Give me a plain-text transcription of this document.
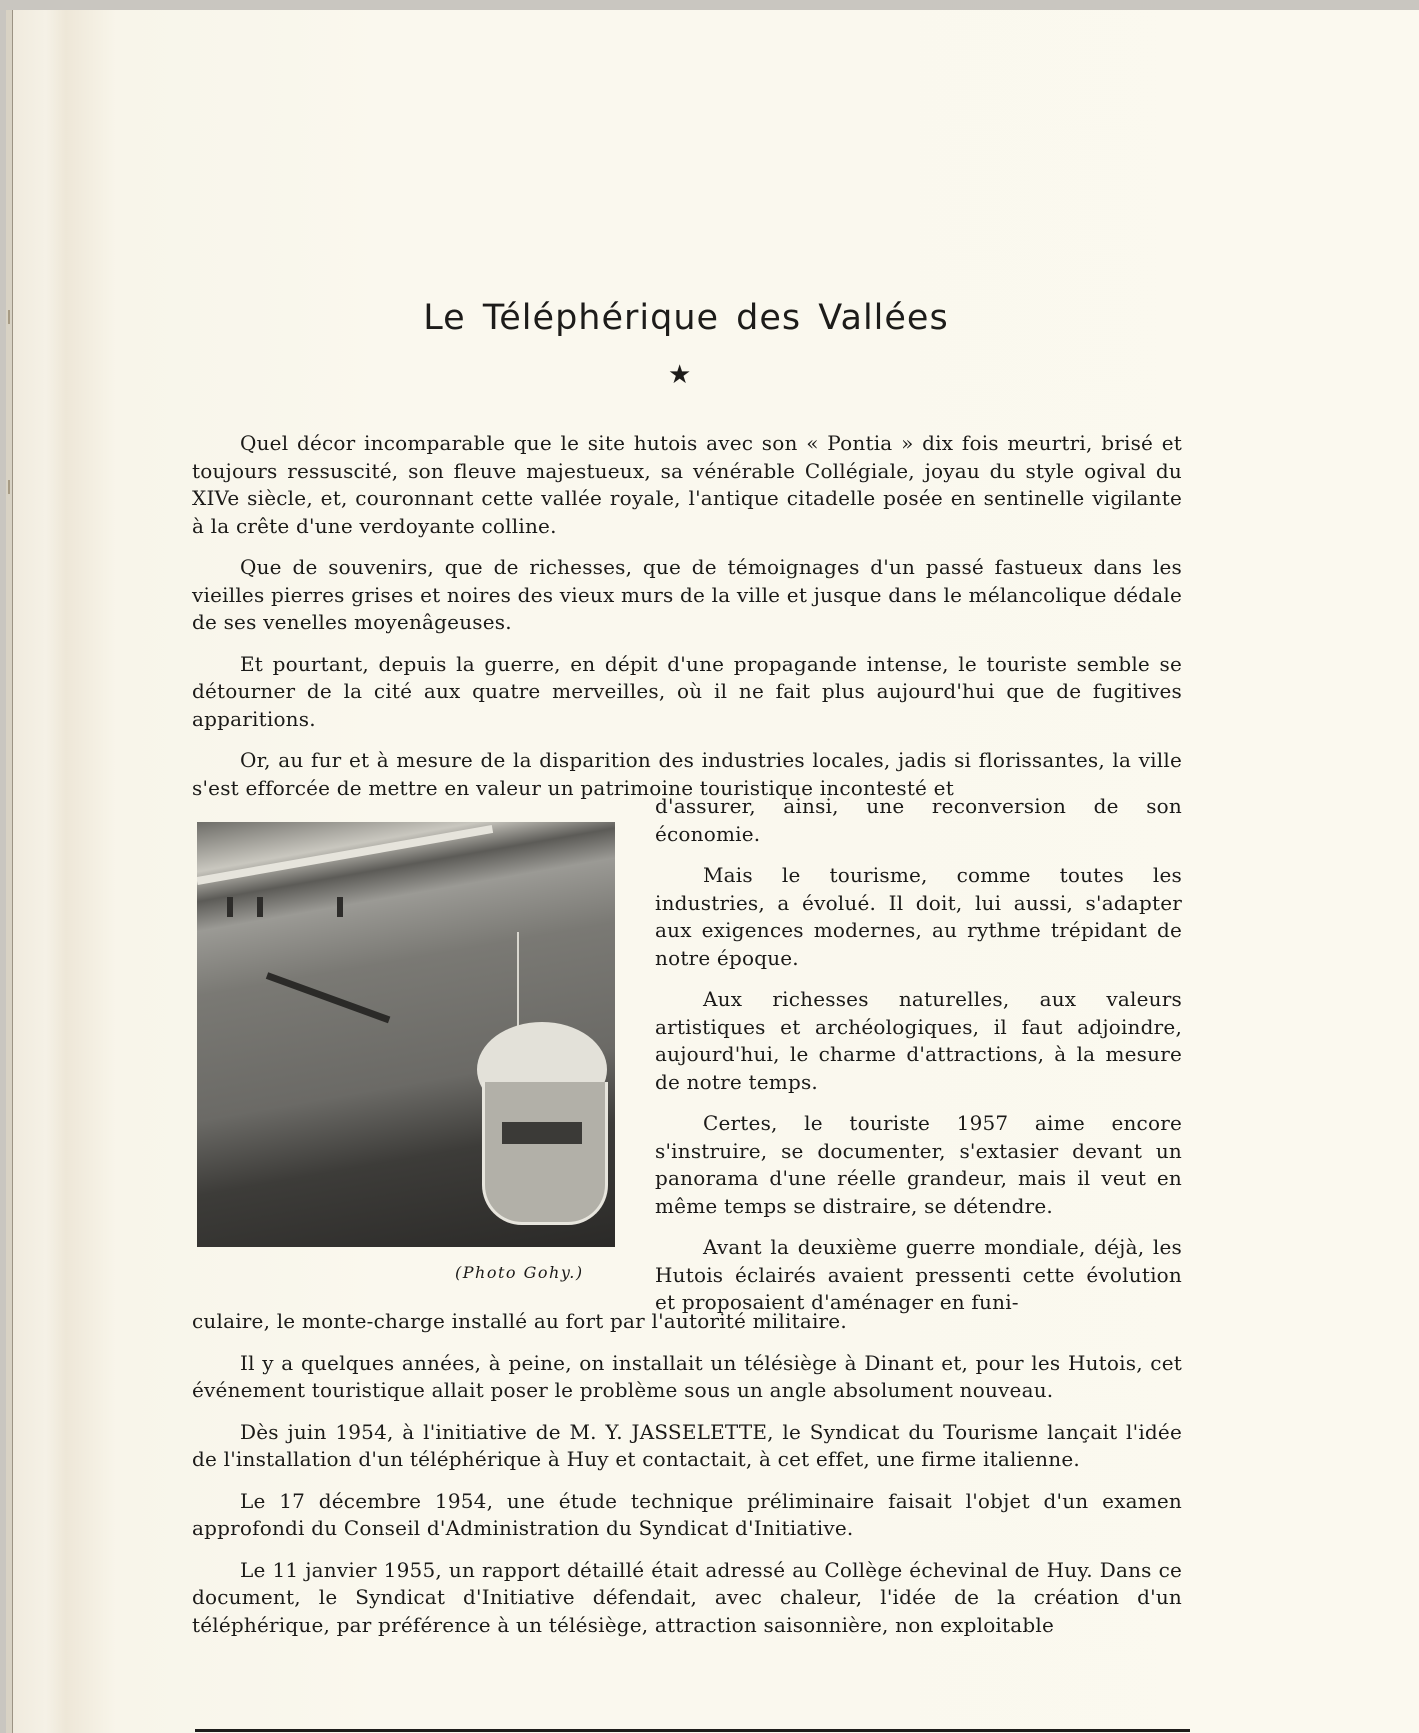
Le Téléphérique des Vallées
★

Quel décor incomparable que le site hutois avec son « Pontia » dix fois meurtri, brisé et toujours ressuscité, son fleuve majestueux, sa vénérable Collégiale, joyau du style ogival du XIVe siècle, et, couronnant cette vallée royale, l'antique citadelle posée en sentinelle vigilante à la crête d'une verdoyante colline.

Que de souvenirs, que de richesses, que de témoignages d'un passé fastueux dans les vieilles pierres grises et noires des vieux murs de la ville et jusque dans le mélancolique dédale de ses venelles moyenâgeuses.

Et pourtant, depuis la guerre, en dépit d'une propagande intense, le touriste semble se détourner de la cité aux quatre merveilles, où il ne fait plus aujourd'hui que de fugitives apparitions.

Or, au fur et à mesure de la disparition des industries locales, jadis si florissantes, la ville s'est efforcée de mettre en valeur un patrimoine touristique incontesté et

(Photo Gohy.)

d'assurer, ainsi, une reconversion de son économie.

Mais le tourisme, comme toutes les industries, a évolué. Il doit, lui aussi, s'adapter aux exigences modernes, au rythme trépidant de notre époque.

Aux richesses naturelles, aux valeurs artistiques et archéologiques, il faut adjoindre, aujourd'hui, le charme d'attractions, à la mesure de notre temps.

Certes, le touriste 1957 aime encore s'instruire, se documenter, s'extasier devant un panorama d'une réelle grandeur, mais il veut en même temps se distraire, se détendre.

Avant la deuxième guerre mondiale, déjà, les Hutois éclairés avaient pressenti cette évolution et proposaient d'aménager en funi-

culaire, le monte-charge installé au fort par l'autorité militaire.

Il y a quelques années, à peine, on installait un télésiège à Dinant et, pour les Hutois, cet événement touristique allait poser le problème sous un angle absolument nouveau.

Dès juin 1954, à l'initiative de M. Y. JASSELETTE, le Syndicat du Tourisme lançait l'idée de l'installation d'un téléphérique à Huy et contactait, à cet effet, une firme italienne.

Le 17 décembre 1954, une étude technique préliminaire faisait l'objet d'un examen approfondi du Conseil d'Administration du Syndicat d'Initiative.

Le 11 janvier 1955, un rapport détaillé était adressé au Collège échevinal de Huy. Dans ce document, le Syndicat d'Initiative défendait, avec chaleur, l'idée de la création d'un téléphérique, par préférence à un télésiège, attraction saisonnière, non exploitable
